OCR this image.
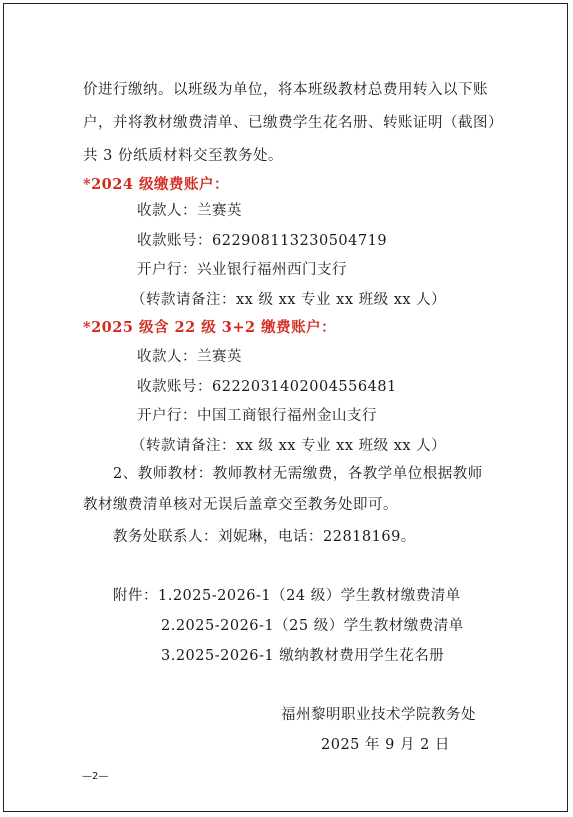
价进行缴纳。以班级为单位，将本班级教材总费用转入以下账
户，并将教材缴费清单、已缴费学生花名册、转账证明（截图）
共 3 份纸质材料交至教务处。
*2024 级缴费账户：
收款人：兰赛英
收款账号：622908113230504719
开户行：兴业银行福州西门支行
（转款请备注：xx 级 xx 专业 xx 班级 xx 人）
*2025 级含 22 级 3+2 缴费账户：
收款人：兰赛英
收款账号：6222031402004556481
开户行：中国工商银行福州金山支行
（转款请备注：xx 级 xx 专业 xx 班级 xx 人）
2、教师教材：教师教材无需缴费，各教学单位根据教师
教材缴费清单核对无误后盖章交至教务处即可。
教务处联系人：刘妮琳，电话：22818169。
附件：1.2025-2026-1（24 级）学生教材缴费清单
2.2025-2026-1（25 级）学生教材缴费清单
3.2025-2026-1 缴纳教材费用学生花名册
福州黎明职业技术学院教务处
2025 年 9 月 2 日
—2—
